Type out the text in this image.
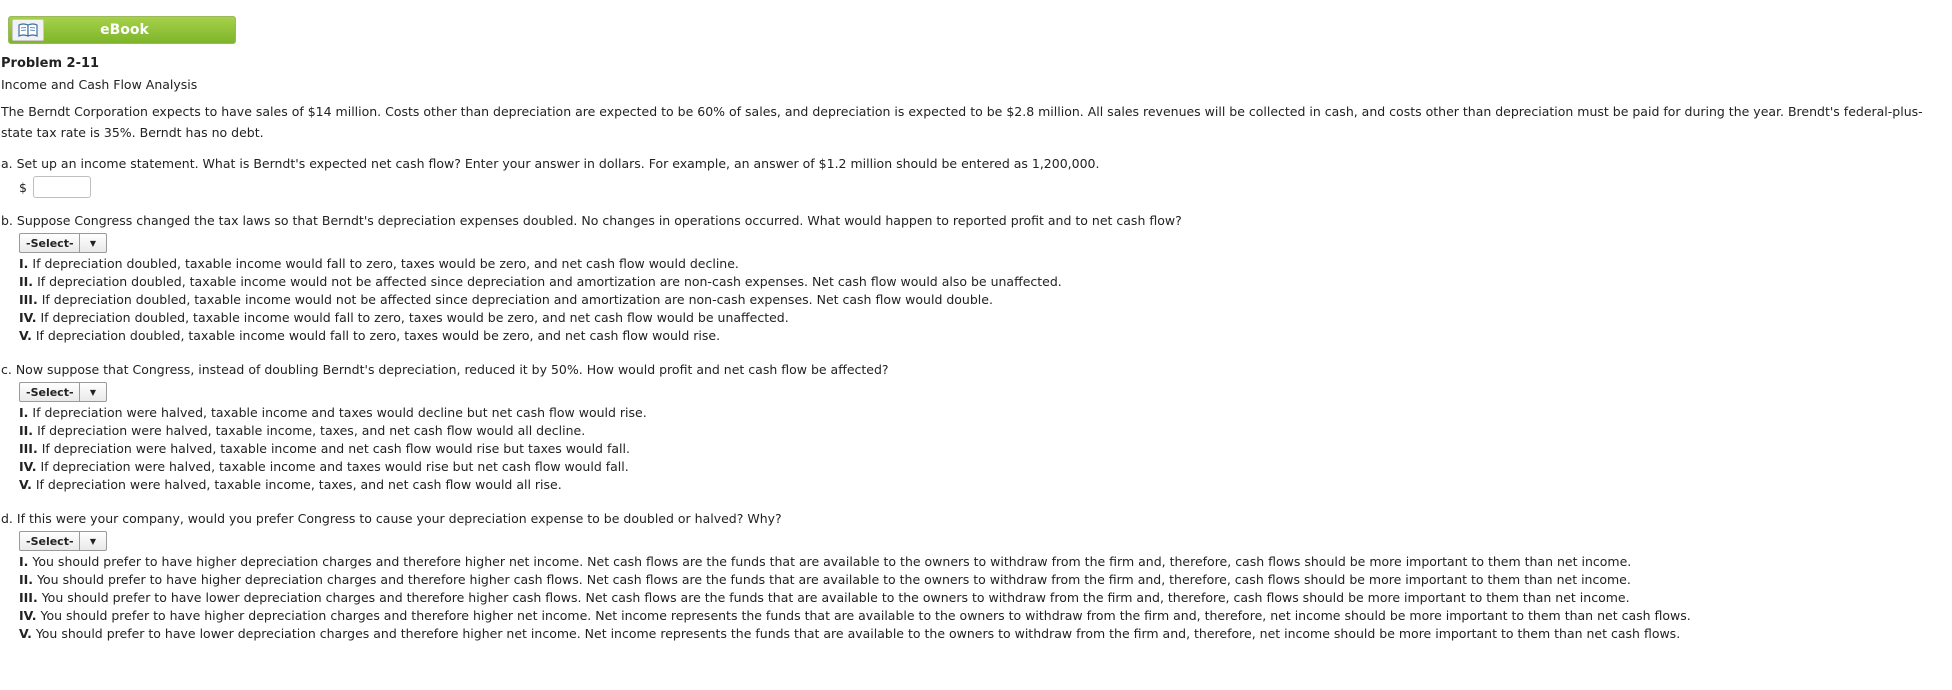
eBook
Problem 2-11
Income and Cash Flow Analysis
The Berndt Corporation expects to have sales of $14 million. Costs other than depreciation are expected to be 60% of sales, and depreciation is expected to be $2.8 million. All sales revenues will be collected in cash, and costs other than depreciation must be paid for during the year. Brendt's federal-plus-state tax rate is 35%. Berndt has no debt.
a. Set up an income statement. What is Berndt's expected net cash flow? Enter your answer in dollars. For example, an answer of $1.2 million should be entered as 1,200,000.
$
b. Suppose Congress changed the tax laws so that Berndt's depreciation expenses doubled. No changes in operations occurred. What would happen to reported profit and to net cash flow?
-Select-	▼
I. If depreciation doubled, taxable income would fall to zero, taxes would be zero, and net cash flow would decline.
II. If depreciation doubled, taxable income would not be affected since depreciation and amortization are non-cash expenses. Net cash flow would also be unaffected.
III. If depreciation doubled, taxable income would not be affected since depreciation and amortization are non-cash expenses. Net cash flow would double.
IV. If depreciation doubled, taxable income would fall to zero, taxes would be zero, and net cash flow would be unaffected.
V. If depreciation doubled, taxable income would fall to zero, taxes would be zero, and net cash flow would rise.
c. Now suppose that Congress, instead of doubling Berndt's depreciation, reduced it by 50%. How would profit and net cash flow be affected?
-Select-	▼
I. If depreciation were halved, taxable income and taxes would decline but net cash flow would rise.
II. If depreciation were halved, taxable income, taxes, and net cash flow would all decline.
III. If depreciation were halved, taxable income and net cash flow would rise but taxes would fall.
IV. If depreciation were halved, taxable income and taxes would rise but net cash flow would fall.
V. If depreciation were halved, taxable income, taxes, and net cash flow would all rise.
d. If this were your company, would you prefer Congress to cause your depreciation expense to be doubled or halved? Why?
-Select-	▼
I. You should prefer to have higher depreciation charges and therefore higher net income. Net cash flows are the funds that are available to the owners to withdraw from the firm and, therefore, cash flows should be more important to them than net income.
II. You should prefer to have higher depreciation charges and therefore higher cash flows. Net cash flows are the funds that are available to the owners to withdraw from the firm and, therefore, cash flows should be more important to them than net income.
III. You should prefer to have lower depreciation charges and therefore higher cash flows. Net cash flows are the funds that are available to the owners to withdraw from the firm and, therefore, cash flows should be more important to them than net income.
IV. You should prefer to have higher depreciation charges and therefore higher net income. Net income represents the funds that are available to the owners to withdraw from the firm and, therefore, net income should be more important to them than net cash flows.
V. You should prefer to have lower depreciation charges and therefore higher net income. Net income represents the funds that are available to the owners to withdraw from the firm and, therefore, net income should be more important to them than net cash flows.
